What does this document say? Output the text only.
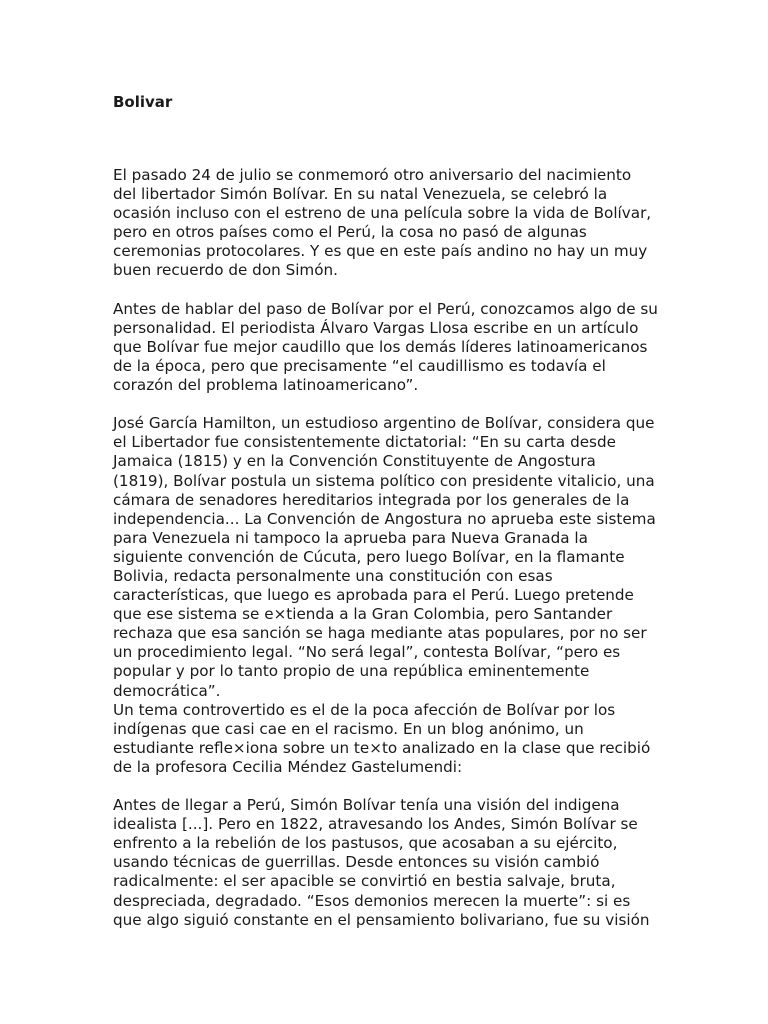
Bolivar

El pasado 24 de julio se conmemoró otro aniversario del nacimiento
del libertador Simón Bolívar. En su natal Venezuela, se celebró la
ocasión incluso con el estreno de una película sobre la vida de Bolívar,
pero en otros países como el Perú, la cosa no pasó de algunas
ceremonias protocolares. Y es que en este país andino no hay un muy
buen recuerdo de don Simón.

Antes de hablar del paso de Bolívar por el Perú, conozcamos algo de su
personalidad. El periodista Álvaro Vargas Llosa escribe en un artículo
que Bolívar fue mejor caudillo que los demás líderes latinoamericanos
de la época, pero que precisamente “el caudillismo es todavía el
corazón del problema latinoamericano”.

José García Hamilton, un estudioso argentino de Bolívar, considera que
el Libertador fue consistentemente dictatorial: “En su carta desde
Jamaica (1815) y en la Convención Constituyente de Angostura
(1819), Bolívar postula un sistema político con presidente vitalicio, una
cámara de senadores hereditarios integrada por los generales de la
independencia... La Convención de Angostura no aprueba este sistema
para Venezuela ni tampoco la aprueba para Nueva Granada la
siguiente convención de Cúcuta, pero luego Bolívar, en la flamante
Bolivia, redacta personalmente una constitución con esas
características, que luego es aprobada para el Perú. Luego pretende
que ese sistema se e×tienda a la Gran Colombia, pero Santander
rechaza que esa sanción se haga mediante atas populares, por no ser
un procedimiento legal. “No será legal”, contesta Bolívar, “pero es
popular y por lo tanto propio de una república eminentemente
democrática”.

Un tema controvertido es el de la poca afección de Bolívar por los
indígenas que casi cae en el racismo. En un blog anónimo, un
estudiante refle×iona sobre un te×to analizado en la clase que recibió
de la profesora Cecilia Méndez Gastelumendi:

Antes de llegar a Perú, Simón Bolívar tenía una visión del indigena
idealista [...]. Pero en 1822, atravesando los Andes, Simón Bolívar se
enfrento a la rebelión de los pastusos, que acosaban a su ejército,
usando técnicas de guerrillas. Desde entonces su visión cambió
radicalmente: el ser apacible se convirtió en bestia salvaje, bruta,
despreciada, degradado. “Esos demonios merecen la muerte”: si es
que algo siguió constante en el pensamiento bolivariano, fue su visión
